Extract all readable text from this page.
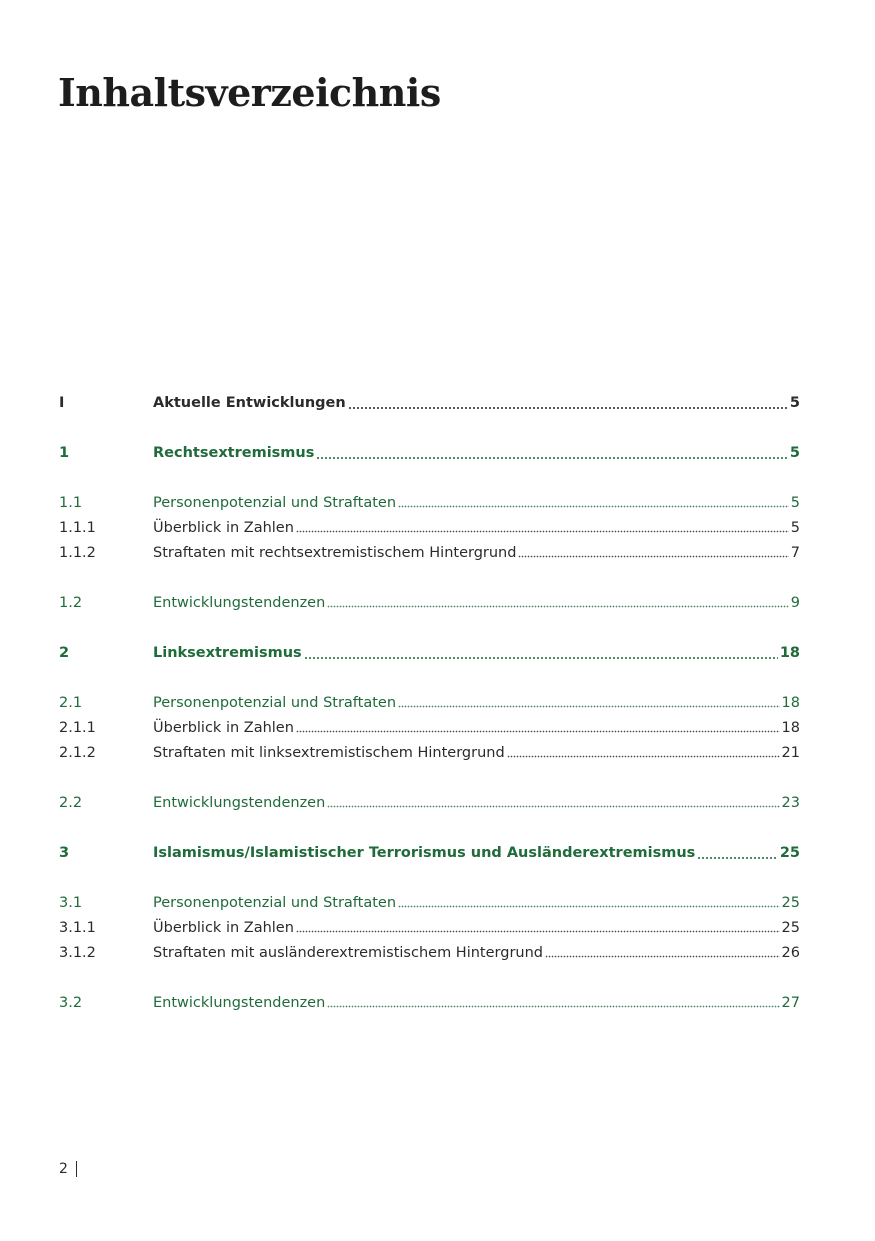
Inhaltsverzeichnis
I	Aktuelle Entwicklungen	5
1	Rechtsextremismus	5
1.1	Personenpotenzial und Straftaten	5
1.1.1	Überblick in Zahlen	5
1.1.2	Straftaten mit rechtsextremistischem Hintergrund	7
1.2	Entwicklungstendenzen	9
2	Linksextremismus	18
2.1	Personenpotenzial und Straftaten	18
2.1.1	Überblick in Zahlen	18
2.1.2	Straftaten mit linksextremistischem Hintergrund	21
2.2	Entwicklungstendenzen	23
3	Islamismus/Islamistischer Terrorismus und Ausländerextremismus	25
3.1	Personenpotenzial und Straftaten	25
3.1.1	Überblick in Zahlen	25
3.1.2	Straftaten mit ausländerextremistischem Hintergrund	26
3.2	Entwicklungstendenzen	27
2
